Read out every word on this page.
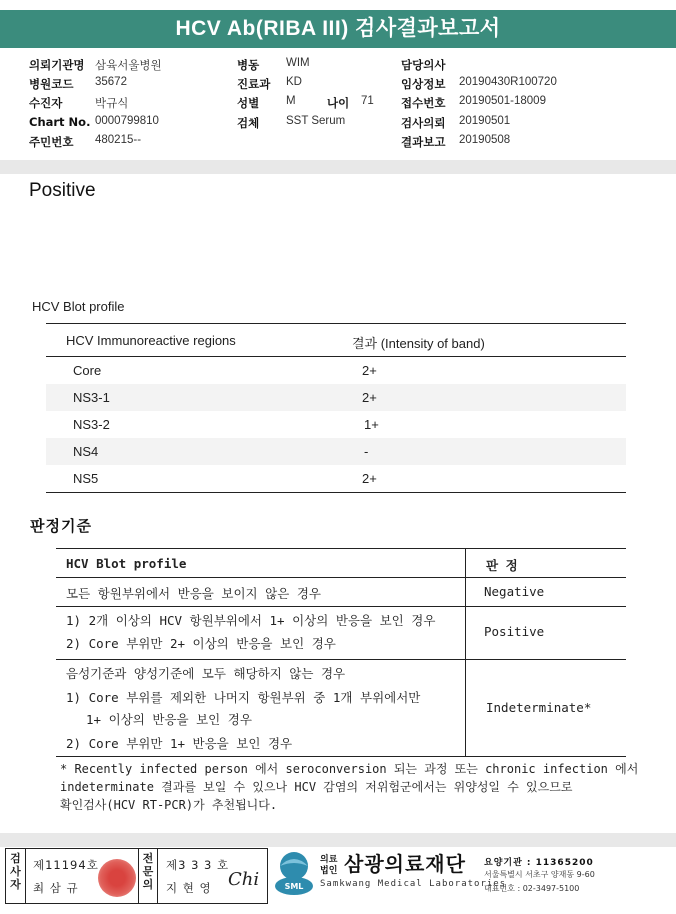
HCV Ab(RIBA III) 검사결과보고서
의뢰기관명 삼육서울병원
병원코드 35672
수진자	박규식
Chart No. 0000799810
주민번호 480215--
병동 WIM
진료과 KD
성별 M	나이 71
검체 SST Serum
담당의사
임상정보 20190430R100720
접수번호 20190501-18009
검사의뢰 20190501
결과보고 20190508
Positive
HCV Blot profile
HCV Immunoreactive regions	결과 (Intensity of band)
Core	2+
NS3-1	2+
NS3-2	1+
NS4	-
NS5	2+
판정기준
HCV Blot profile	판 정
모든 항원부위에서 반응을 보이지 않은 경우	Negative
1) 2개 이상의 HCV 항원부위에서 1+ 이상의 반응을 보인 경우
2) Core 부위만 2+ 이상의 반응을 보인 경우
Positive
음성기준과 양성기준에 모두 해당하지 않는 경우
1) Core 부위를 제외한 나머지 항원부위 중 1개 부위에서만
1+ 이상의 반응을 보인 경우
2) Core 부위만 1+ 반응을 보인 경우
Indeterminate*
* Recently infected person 에서 seroconversion 되는 과정 또는 chronic infection 에서
indeterminate 결과를 보일 수 있으나 HCV 감염의 저위험군에서는 위양성일 수 있으므로
확인검사(HCV RT-PCR)가 추천됩니다.
검사자
제11194호
최 삼 규
전문의
제3 3 3 호
지 현 영 Chi	SML
의료
법인 삼광의료재단
Samkwang Medical Laboratories
요양기관 : 11365200
서울특별시 서초구 양재동 9-60
대표번호 : 02-3497-5100
